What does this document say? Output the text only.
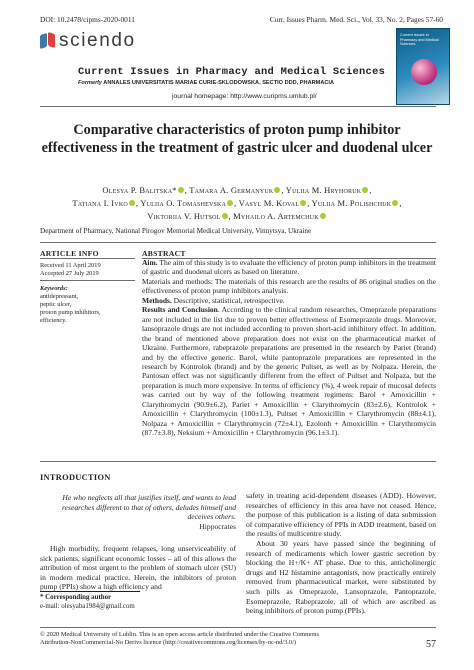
DOI: 10.2478/cipms-2020-0011	Curr. Issues Pharm. Med. Sci., Vol. 33, No. 2, Pages 57-60
sciendo
Current Issues in Pharmacy and Medical Sciences
Formerly ANNALES UNIVERSITATIS MARIAE CURIE-SKLODOWSKA, SECTIO DDD, PHARMACIA
journal homepage: http://www.curipms.umlub.pl/
Current Issues in Pharmacy and Medical Sciences
Comparative characteristics of proton pump inhibitor effectiveness in the treatment of gastric ulcer and duodenal ulcer
Olesya P. Balitska* , Tamara A. Germanyuk , Yuliia M. Hryhoruk ,
Tatiana I. Ivko , Yuliia O. Tomashevska , Vasyl M. Koval , Yuliia M. Polishchuk ,
Viktoriia V. Hutsol , Myhailo A. Artemchuk
Department of Pharmacy, National Pirogov Memorial Medical University, Vinnytsya, Ukraine
ARTICLE INFO
Received 11 April 2019
Accepted 27 July 2019
Keywords:
antidepressant,
peptic ulcer,
proton pump inhibitors,
efficiency.
ABSTRACT

Aim. The aim of this study is to evaluate the efficiency of proton pump inhibitors in the treatment of gastric and duodenal ulcers as based on literature.

Materials and methods: The materials of this research are the results of 86 original studies on the effectiveness of proton pump inhibitors analysis.

Methods. Descriptive, statistical, retrospective.

Results and Conclusion. According to the clinical random researches, Omeprazole preparations are not included in the list due to proven better effectiveness of Esomeprazole drugs. Moreover, lansoprazole drugs are not included according to proven short-acid inhibitory effect. In addition, the brand of mentioned above preparation does not exist on the pharmaceutical market of Ukraine. Furthermore, rabeprazole preparations are presented in the research by Pariet (brand) and by the effective generic. Barol, while pantoprazole preparations are represented in the research by Kontrolok (brand) and by the generic Pultset, as well as by Nolpaza. Herein, the Pantosan effect was not significantly different from the effect of Pultset and Nolpaza, but the preparation is much more expensive. In terms of efficiency (%), 4 week repair of mucosal defects was carried out by way of the following treatment regimens: Barol + Amoxicillin + Clarythromycin (90.9±6.2), Pariet + Amoxicillin + Clarythromycin (83±2.6), Kontrolok + Amoxicillin + Clarythromycin (100±1.3), Pultset + Amoxicillin + Clarythromycin (88±4.1), Nolpaza + Amoxicillin + Clarythromycin (72±4.1), Ezolonh + Amoxicillin + Clarythromycin (87.7±3.8), Neksium + Amoxicillin + Clarythromycin (96.1±3.1).

INTRODUCTION
He who neglects all that justifies itself, and wants to lead researches different to that of others, deludes himself and deceives others.
Hippocrates
High morbidity, frequent relapses, long unserviceability of sick patients, significant economic losses – all of this allows the attribution of most urgent to the problem of stomach ulcer (SU) in modern medical practice. Herein, the inhibitors of proton pump (PPIs) show a high efficiency and
* Corresponding author
e-mail: olesyaba1984@gmail.com

safety in treating acid-dependent diseases (ADD). However, researches of efficiency in this area have not ceased. Hence, the purpose of this publication is a listing of data submission of comparative efficiency of PPIs in ADD treatment, based on the results of multicentre study.

About 30 years have passed since the beginning of research of medicaments which lower gastric secretion by blocking the H+/K+ AT phase. Due to this, anticholinergic drugs and H2 histamine antagonists, now practically entirely removed from pharmaceutical market, were substituted by such pills as Omeprazole, Lansoprazole, Pantoprazole, Esomeprazole, Rabeprazole, all of which are ascribed as being inhibitors of proton pump (PPIs).

© 2020 Medical University of Lublin. This is an open access article distributed under the Creative Commons
Attribution-NonCommercial-No Derivs licence (http://creativecommons.org/licenses/by-nc-nd/3.0/)	57
